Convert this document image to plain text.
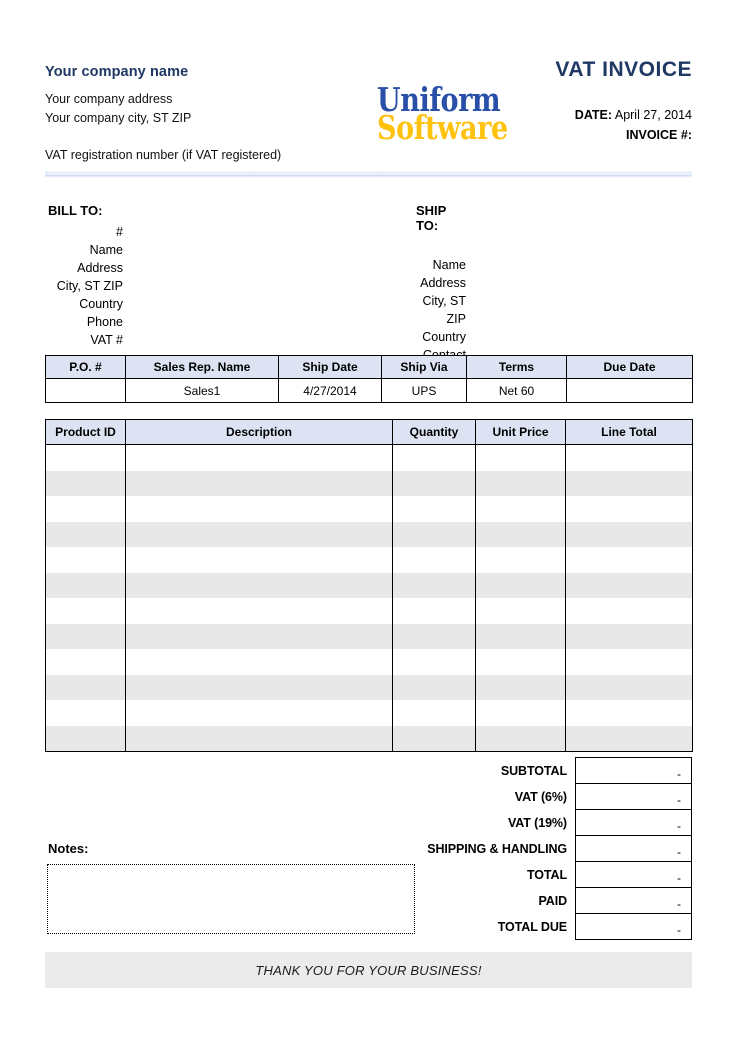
Your company name
Your company address
Your company city, ST ZIP
VAT registration number (if VAT registered)
Uniform
Software
VAT INVOICE
DATE: April 27, 2014
INVOICE #:
BILL TO:
#
Name
Address
City, ST ZIP
Country
Phone
VAT #
SHIP TO:
Name
Address
City, ST ZIP
Country
P.O. #	Sales Rep. Name	Ship Date	Ship Via	Terms	Due Date
	Sales1	4/27/2014	UPS	Net 60	
Product ID	Description	Quantity	Unit Price	Line Total

SUBTOTAL	-
VAT (6%)	-
VAT (19%)	-
SHIPPING & HANDLING	-
TOTAL	-
PAID	-
TOTAL DUE	-
Notes:
THANK YOU FOR YOUR BUSINESS!
